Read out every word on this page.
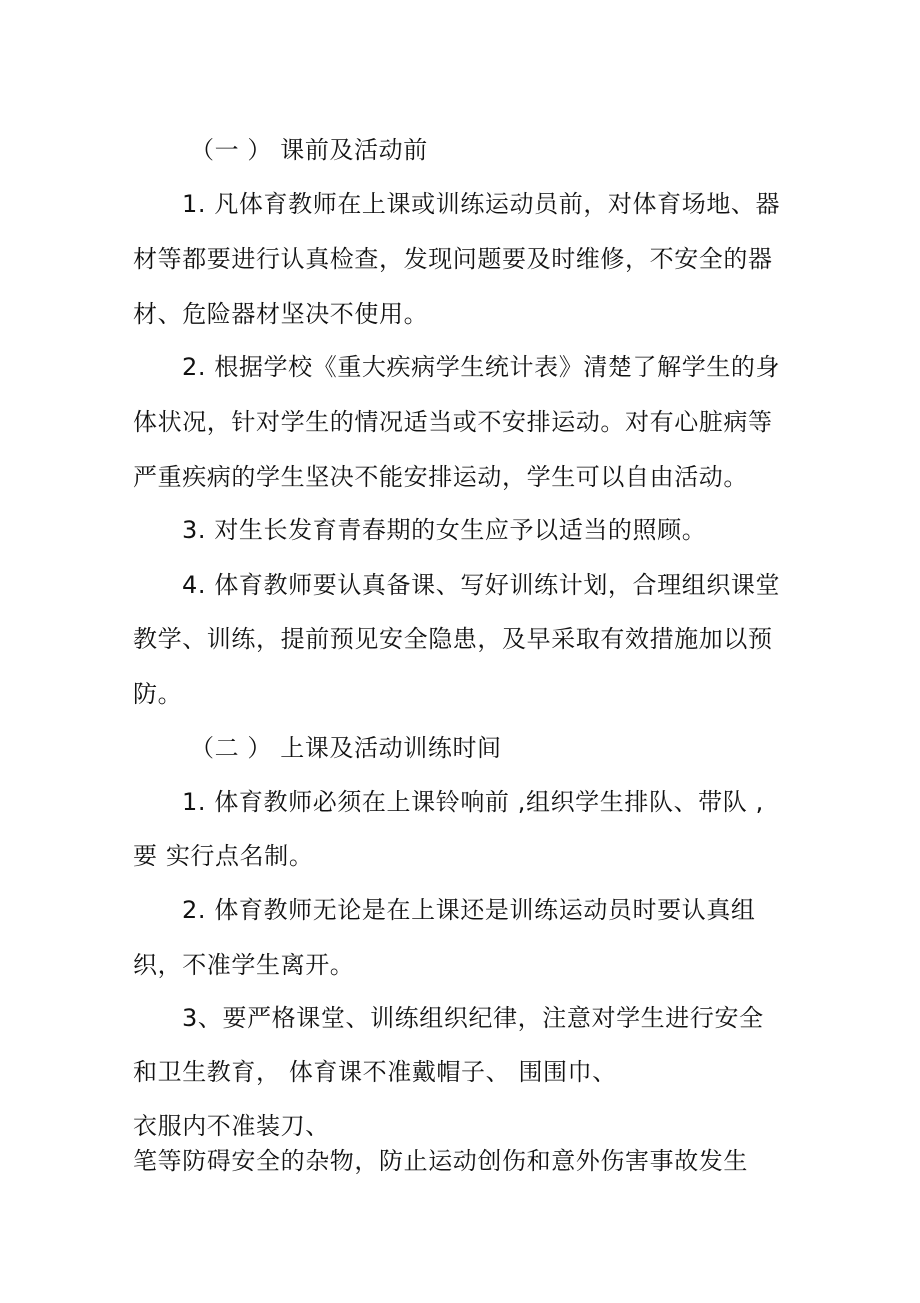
（一 ） 课前及活动前
1. 凡体育教师在上课或训练运动员前，对体育场地、器
材等都要进行认真检查，发现问题要及时维修，不安全的器
材、危险器材坚决不使用。
2. 根据学校《重大疾病学生统计表》清楚了解学生的身
体状况，针对学生的情况适当或不安排运动。对有心脏病等
严重疾病的学生坚决不能安排运动，学生可以自由活动。
3. 对生长发育青春期的女生应予以适当的照顾。
4. 体育教师要认真备课、写好训练计划，合理组织课堂
教学、训练，提前预见安全隐患，及早采取有效措施加以预
防。
（二 ） 上课及活动训练时间
1. 体育教师必须在上课铃响前 ,组织学生排队、带队 ,
要 实行点名制。
2. 体育教师无论是在上课还是训练运动员时要认真组
织，不准学生离开。
3、要严格课堂、训练组织纪律，注意对学生进行安全
和卫生教育， 体育课不准戴帽子、 围围巾、
衣服内不准装刀、
笔等防碍安全的杂物，防止运动创伤和意外伤害事故发生
